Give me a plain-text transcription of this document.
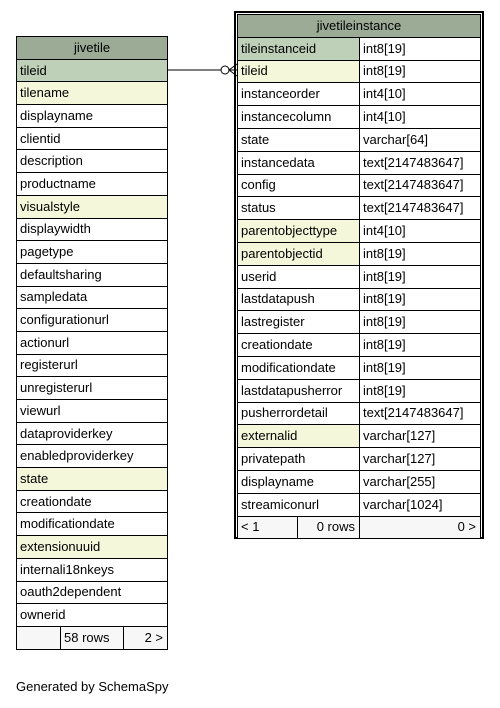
jivetile
tileid
tilename
displayname
clientid
description
productname
visualstyle
displaywidth
pagetype
defaultsharing
sampledata
configurationurl
actionurl
registerurl
unregisterurl
viewurl
dataproviderkey
enabledproviderkey
state
creationdate
modificationdate
extensionuuid
internali18nkeys
oauth2dependent
ownerid
	58 rows	2 >
jivetileinstance		
tileinstanceid		int8[19]
tileid		int8[19]
instanceorder		int4[10]
instancecolumn		int4[10]
state		varchar[64]
instancedata		text[2147483647]
config		text[2147483647]
status		text[2147483647]
parentobjecttype		int4[10]
parentobjectid		int8[19]
userid		int8[19]
lastdatapush		int8[19]
lastregister		int8[19]
creationdate		int8[19]
modificationdate		int8[19]
lastdatapusherror		int8[19]
pusherrordetail		text[2147483647]
externalid		varchar[127]
privatepath		varchar[127]
displayname		varchar[255]
streamiconurl		varchar[1024]
< 1	0 rows	0 >
Generated by SchemaSpy
